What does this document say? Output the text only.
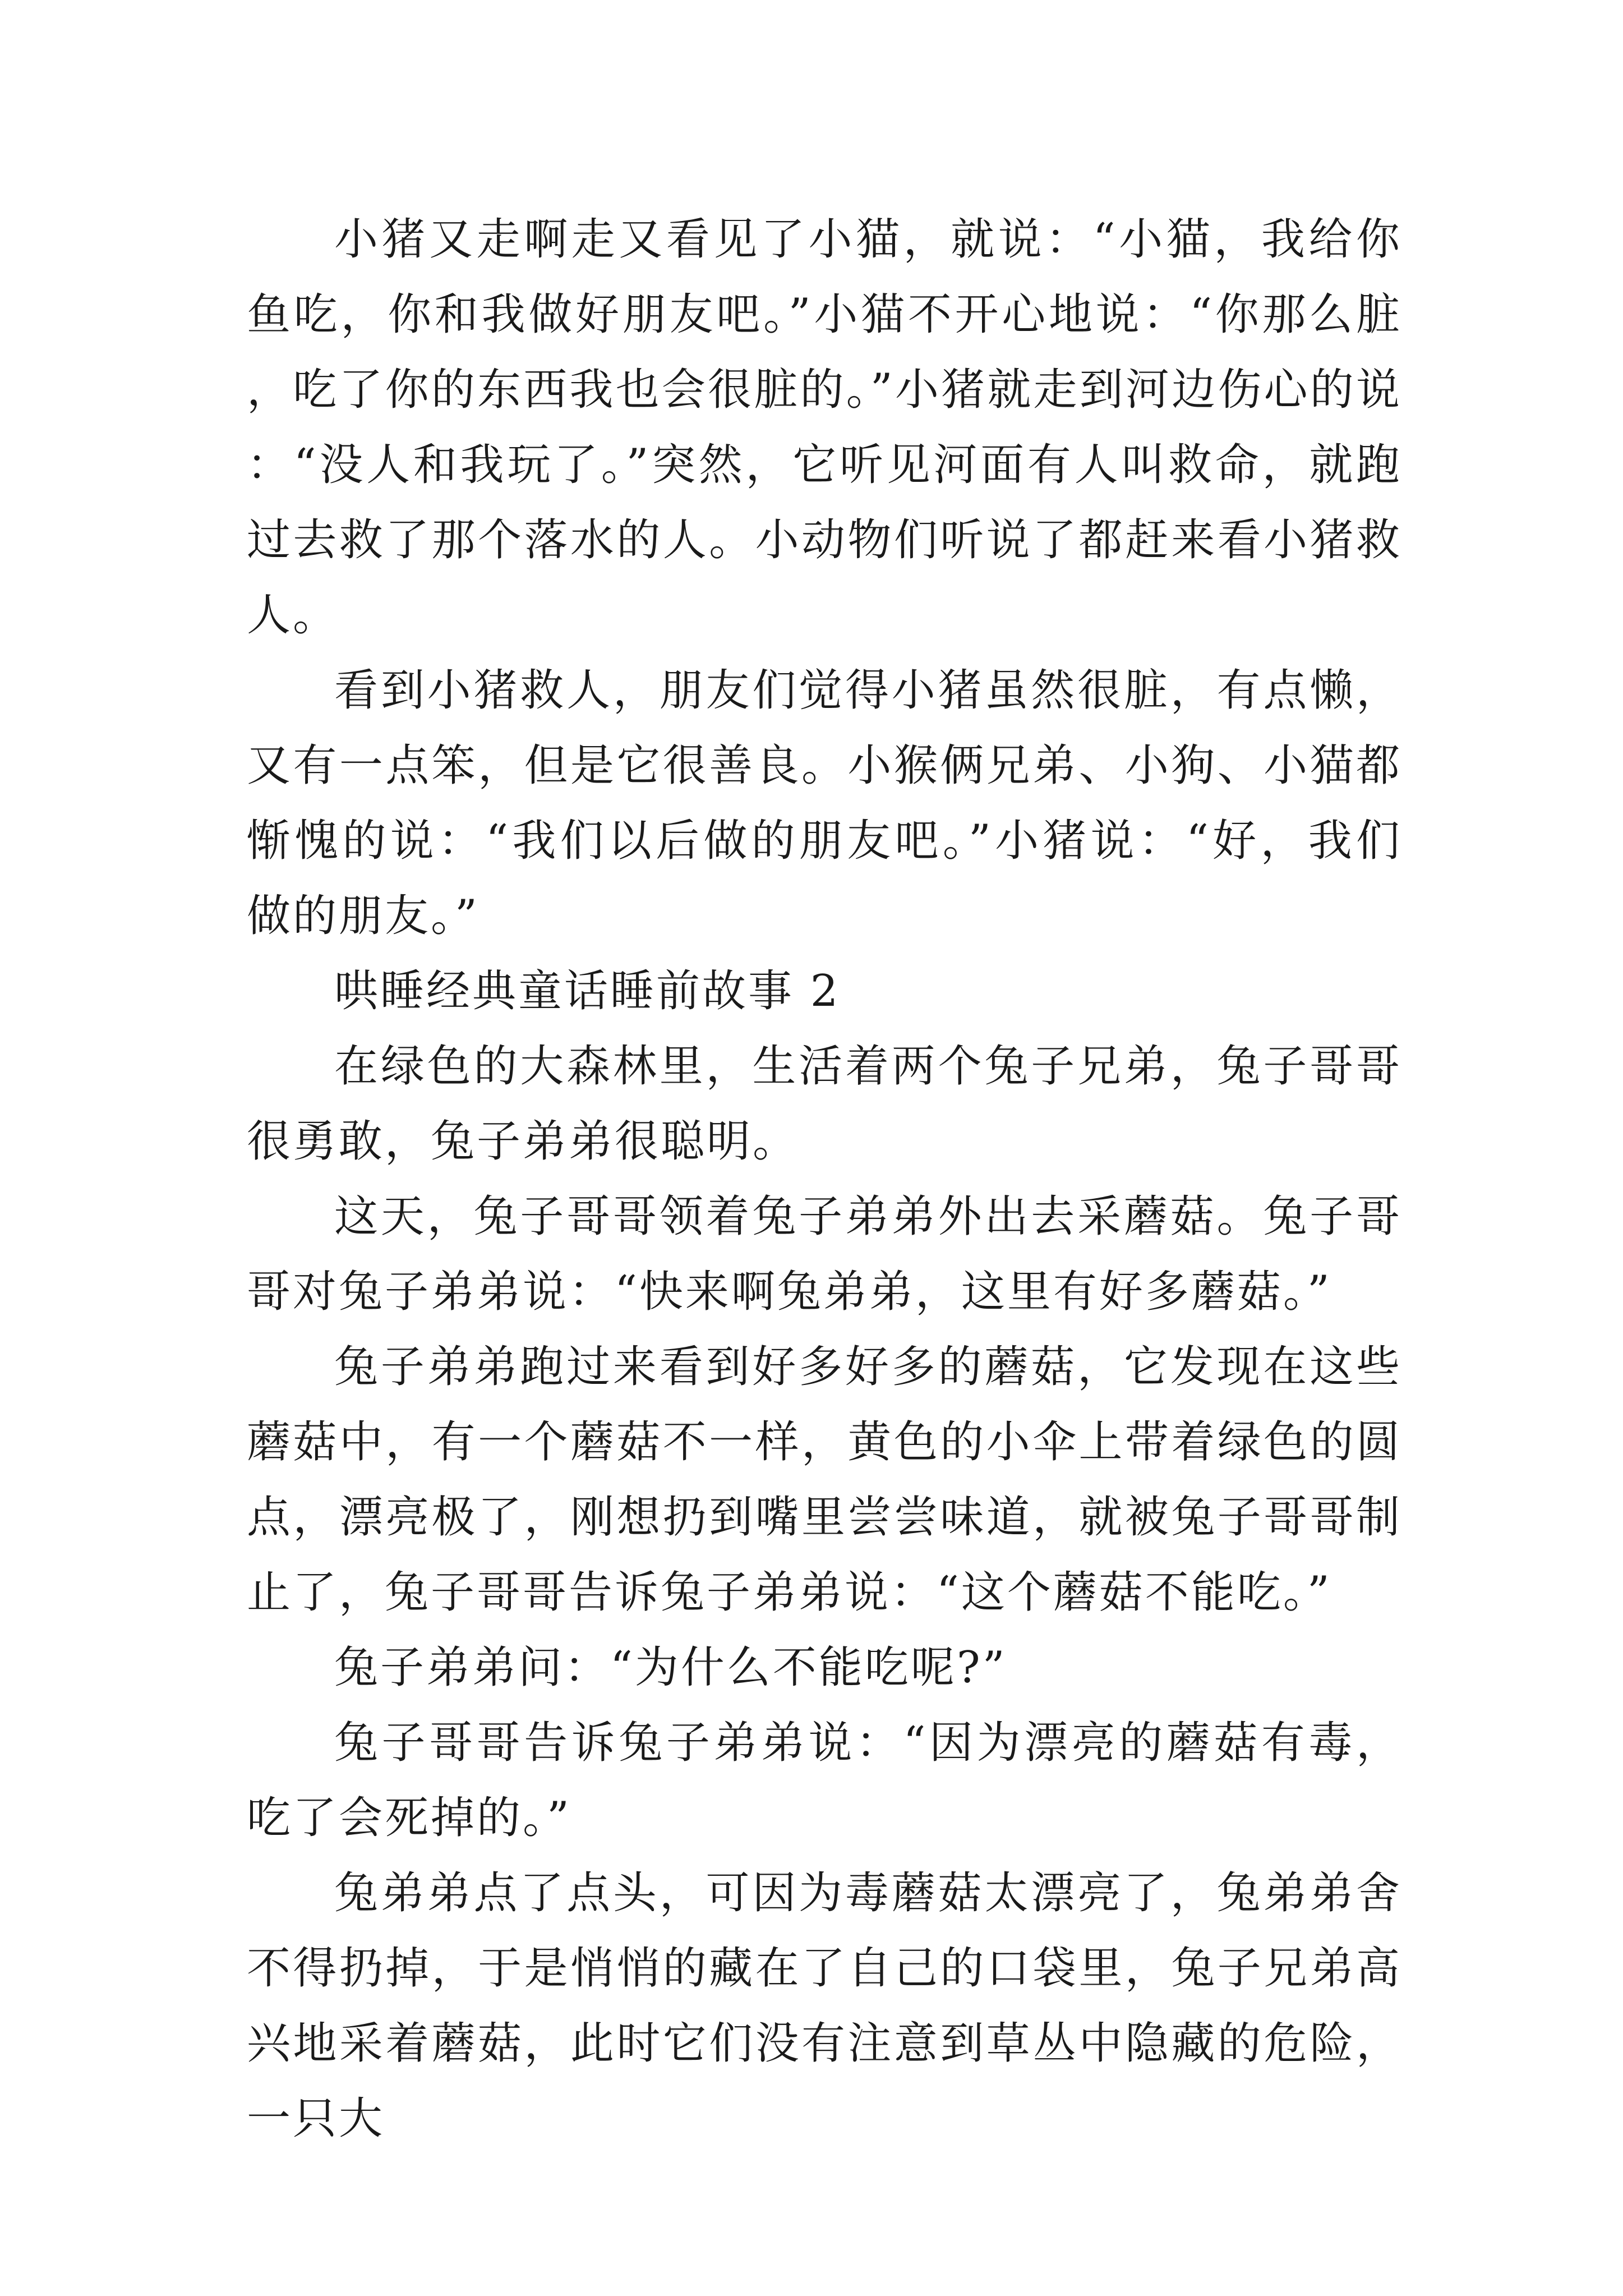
小猪又走啊走又看见了小猫，就说：“小猫，我给你鱼吃，你和我做好朋友吧。”小猫不开心地说：“你那么脏，吃了你的东西我也会很脏的。”小猪就走到河边伤心的说：“没人和我玩了。”突然，它听见河面有人叫救命，就跑过去救了那个落水的人。小动物们听说了都赶来看小猪救人。

看到小猪救人，朋友们觉得小猪虽然很脏，有点懒，又有一点笨，但是它很善良。小猴俩兄弟、小狗、小猫都惭愧的说：“我们以后做的朋友吧。”小猪说：“好，我们做的朋友。”

哄睡经典童话睡前故事 2

在绿色的大森林里，生活着两个兔子兄弟，兔子哥哥很勇敢，兔子弟弟很聪明。

这天，兔子哥哥领着兔子弟弟外出去采蘑菇。兔子哥哥对兔子弟弟说：“快来啊兔弟弟，这里有好多蘑菇。”

兔子弟弟跑过来看到好多好多的蘑菇，它发现在这些蘑菇中，有一个蘑菇不一样，黄色的小伞上带着绿色的圆点，漂亮极了，刚想扔到嘴里尝尝味道，就被兔子哥哥制止了，兔子哥哥告诉兔子弟弟说：“这个蘑菇不能吃。”

兔子弟弟问：“为什么不能吃呢?”

兔子哥哥告诉兔子弟弟说：“因为漂亮的蘑菇有毒，吃了会死掉的。”

兔弟弟点了点头，可因为毒蘑菇太漂亮了，兔弟弟舍不得扔掉，于是悄悄的藏在了自己的口袋里，兔子兄弟高兴地采着蘑菇，此时它们没有注意到草丛中隐藏的危险，一只大
